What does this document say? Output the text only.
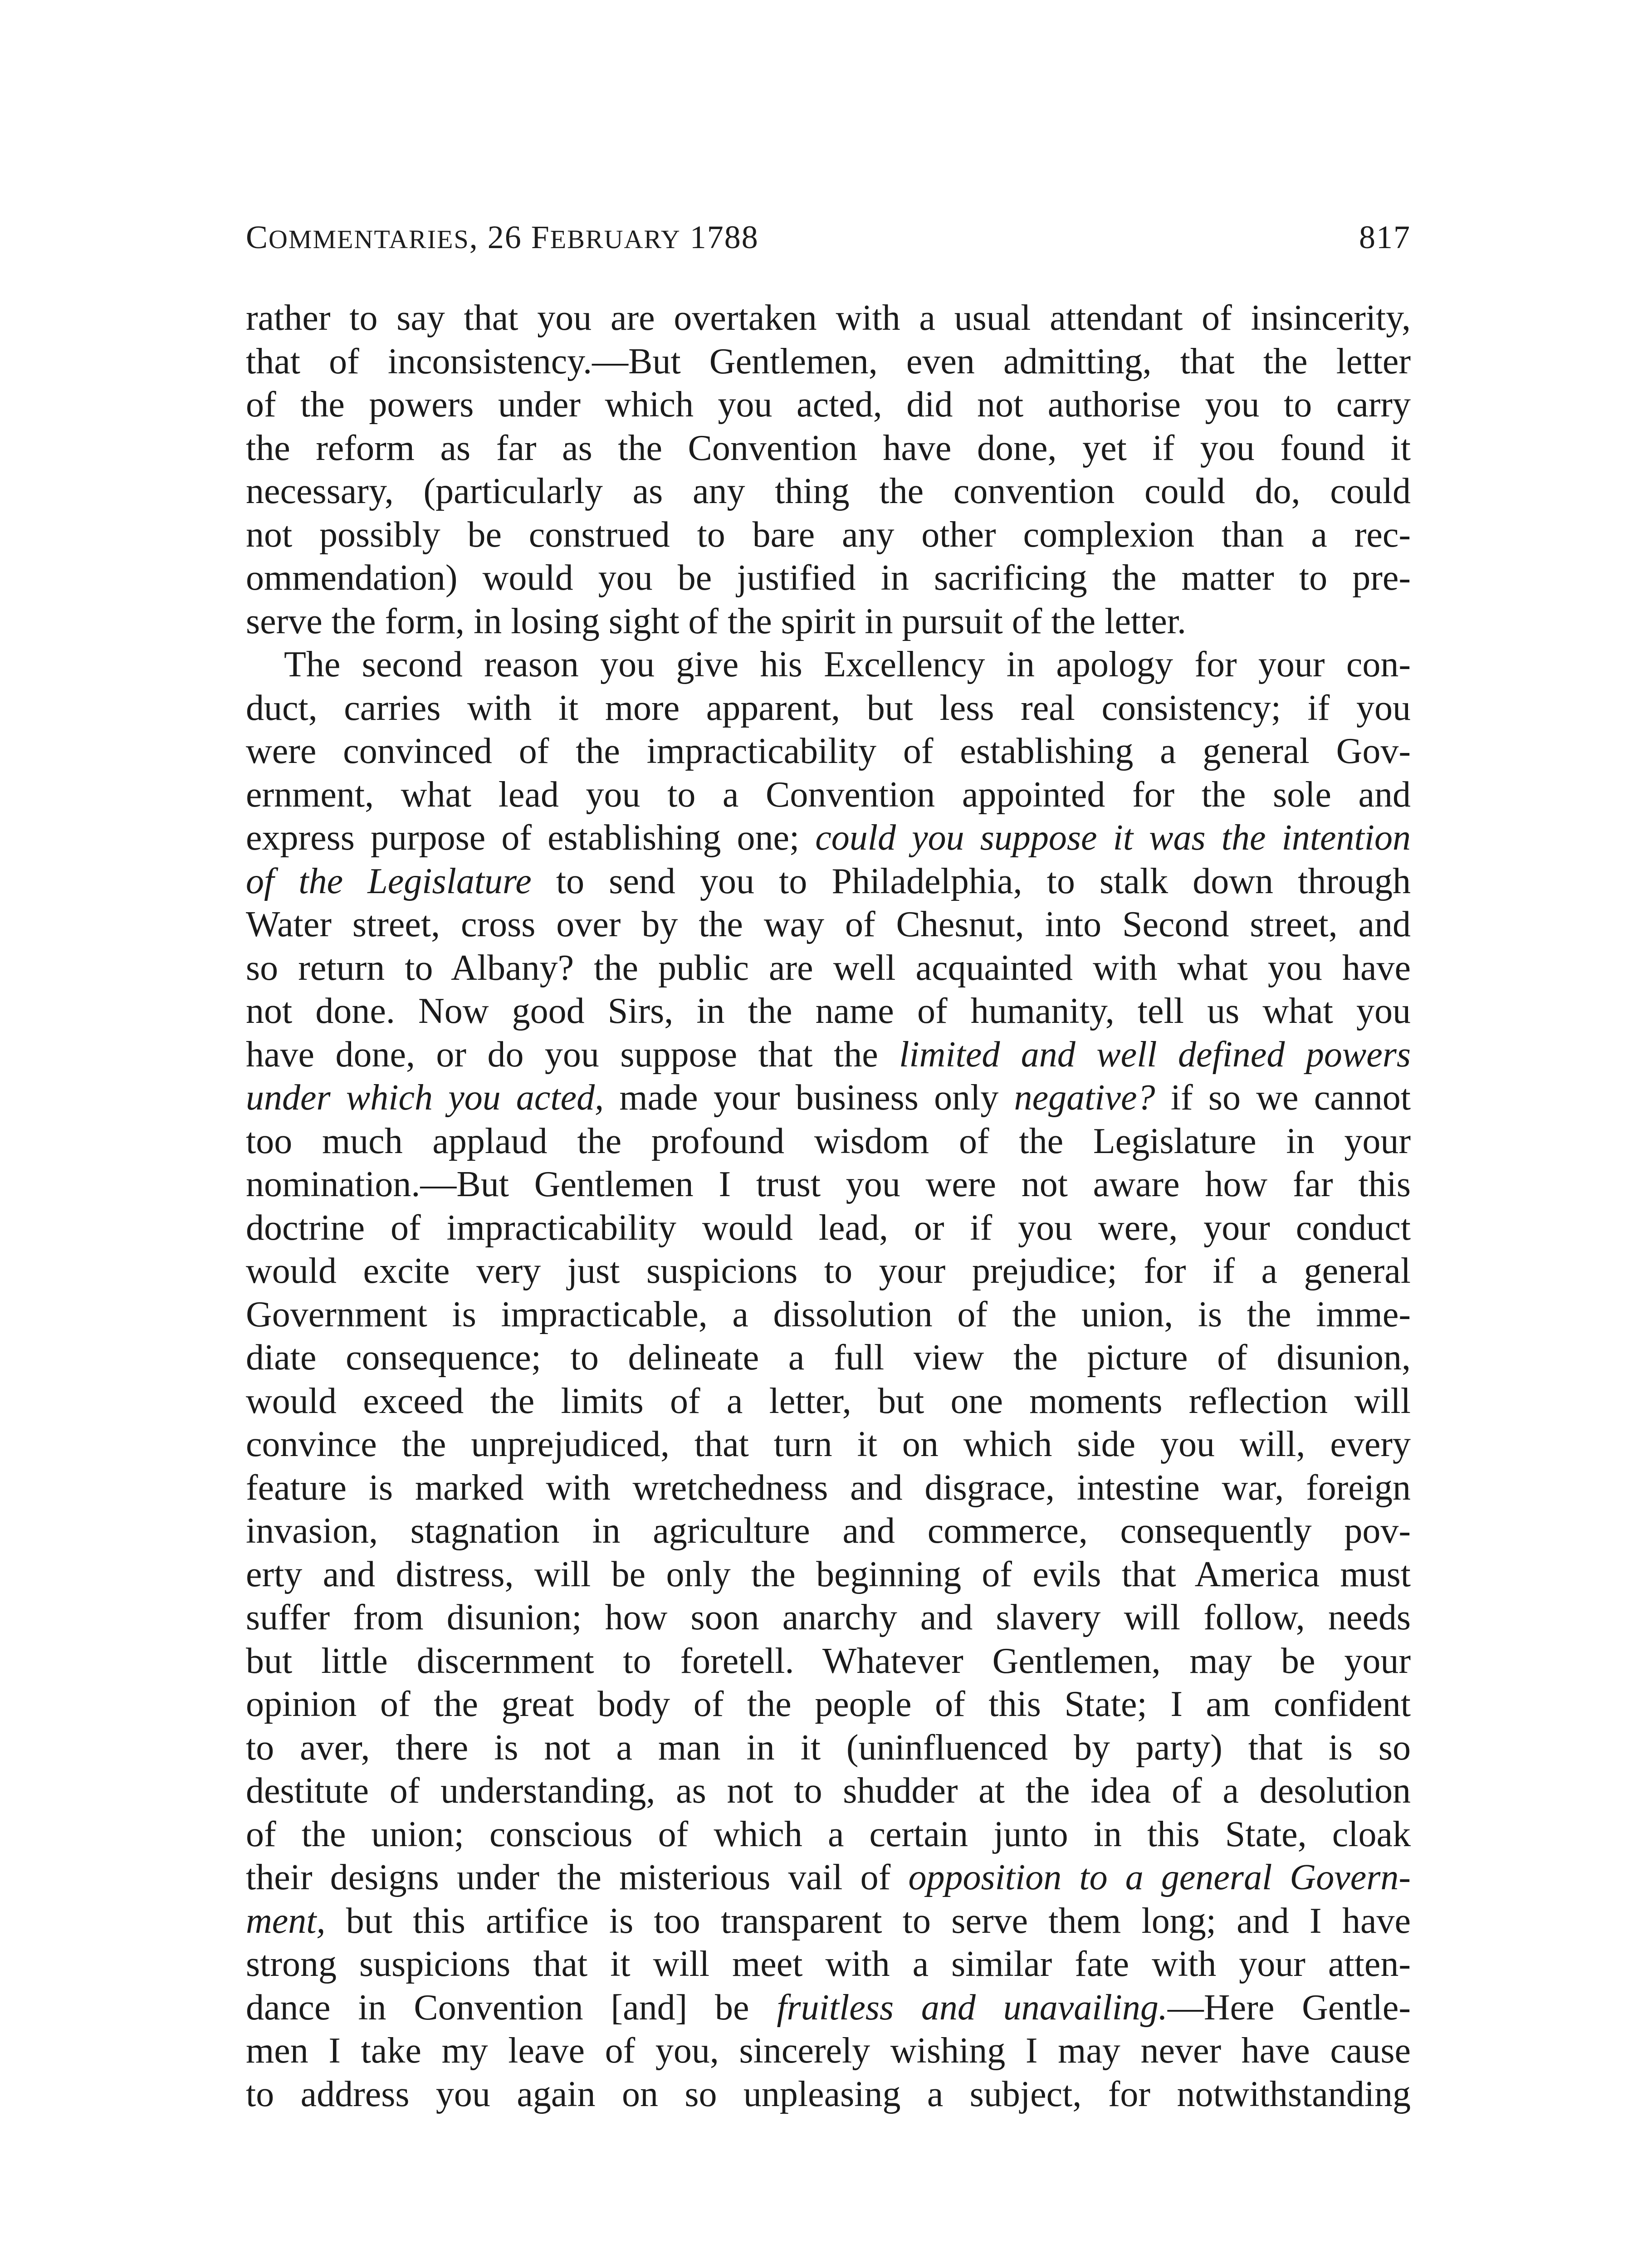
COMMENTARIES, 26 FEBRUARY 1788	817
rather to say that you are overtaken with a usual attendant of insincerity,
that of inconsistency.—But Gentlemen, even admitting, that the letter
of the powers under which you acted, did not authorise you to carry
the reform as far as the Convention have done, yet if you found it
necessary, (particularly as any thing the convention could do, could
not possibly be construed to bare any other complexion than a rec-
ommendation) would you be justified in sacrificing the matter to pre-
serve the form, in losing sight of the spirit in pursuit of the letter.
The second reason you give his Excellency in apology for your con-
duct, carries with it more apparent, but less real consistency; if you
were convinced of the impracticability of establishing a general Gov-
ernment, what lead you to a Convention appointed for the sole and
express purpose of establishing one; could you suppose it was the intention
of the Legislature to send you to Philadelphia, to stalk down through
Water street, cross over by the way of Chesnut, into Second street, and
so return to Albany? the public are well acquainted with what you have
not done. Now good Sirs, in the name of humanity, tell us what you
have done, or do you suppose that the limited and well defined powers
under which you acted, made your business only negative? if so we cannot
too much applaud the profound wisdom of the Legislature in your
nomination.—But Gentlemen I trust you were not aware how far this
doctrine of impracticability would lead, or if you were, your conduct
would excite very just suspicions to your prejudice; for if a general
Government is impracticable, a dissolution of the union, is the imme-
diate consequence; to delineate a full view the picture of disunion,
would exceed the limits of a letter, but one moments reflection will
convince the unprejudiced, that turn it on which side you will, every
feature is marked with wretchedness and disgrace, intestine war, foreign
invasion, stagnation in agriculture and commerce, consequently pov-
erty and distress, will be only the beginning of evils that America must
suffer from disunion; how soon anarchy and slavery will follow, needs
but little discernment to foretell. Whatever Gentlemen, may be your
opinion of the great body of the people of this State; I am confident
to aver, there is not a man in it (uninfluenced by party) that is so
destitute of understanding, as not to shudder at the idea of a desolution
of the union; conscious of which a certain junto in this State, cloak
their designs under the misterious vail of opposition to a general Govern-
ment, but this artifice is too transparent to serve them long; and I have
strong suspicions that it will meet with a similar fate with your atten-
dance in Convention [and] be fruitless and unavailing.—Here Gentle-
men I take my leave of you, sincerely wishing I may never have cause
to address you again on so unpleasing a subject, for notwithstanding
